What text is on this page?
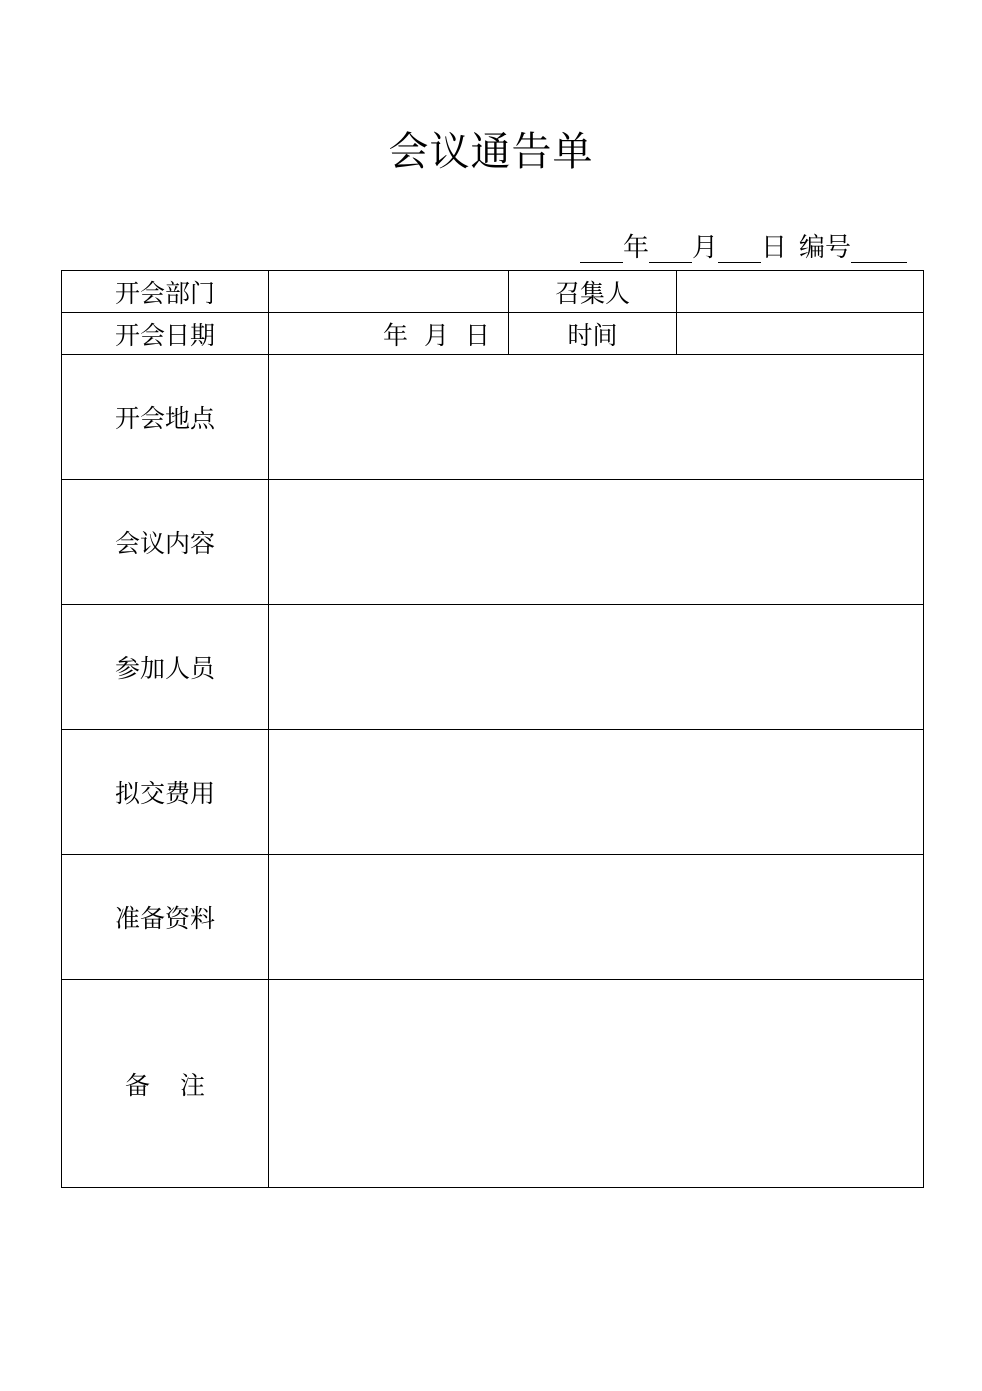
会议通告单
年 月 日 编号
开会部门		召集人	
开会日期	年 月 日	时间	
开会地点			
会议内容			
参加人员			
拟交费用			
准备资料			
备 注			
